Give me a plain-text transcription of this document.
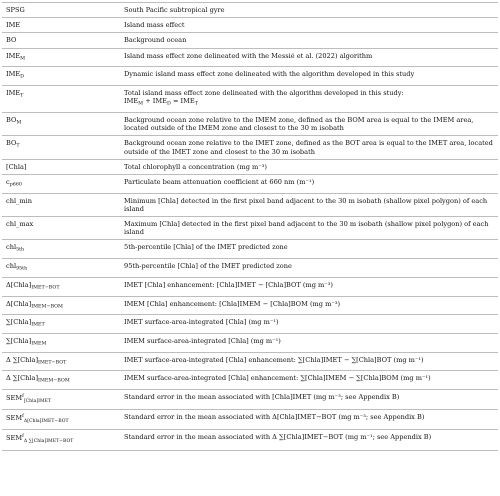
SPSG	South Pacific subtropical gyre
IME	Island mass effect
BO	Background ocean
$IME_M$	Island mass effect zone delineated with the Messié et al. (2022) algorithm
$IME_D$	Dynamic island mass effect zone delineated with the algorithm developed in this study
$IME_T$	Total island mass effect zone delineated with the algorithm developed in this study:
$IME_M + IME_D = IME_T$

$BO_M$	Background ocean zone relative to the IMEM zone, defined as the BOM area is equal to the IMEM area, located outside of the IMEM zone and closest to the 30 m isobath
$BO_T$	Background ocean zone relative to the IMET zone, defined as the BOT area is equal to the IMET area, located outside of the IMET zone and closest to the 30 m isobath
[Chla]	Total chlorophyll a concentration (mg m⁻³)
$c_{p660}$	Particulate beam attenuation coefficient at 660 nm (m⁻¹)
chl_min	Minimum [Chla] detected in the first pixel band adjacent to the 30 m isobath (shallow pixel polygon) of each island
chl_max	Maximum [Chla] detected in the first pixel band adjacent to the 30 m isobath (shallow pixel polygon) of each island
chl$_{5th}$	5th-percentile [Chla] of the IMET predicted zone
chl$_{95th}$	95th-percentile [Chla] of the IMET predicted zone
$\Delta[Chla]_{IMET-BOT}$	IMET [Chla] enhancement: [Chla]IMET − [Chla]BOT (mg m⁻³)
$\Delta[Chla]_{IMEM-BOM}$	IMEM [Chla] enhancement: [Chla]IMEM − [Chla]BOM (mg m⁻³)
$\sum[Chla]_{IMET}$	IMET surface-area-integrated [Chla] (mg m⁻¹)
$\sum[Chla]_{IMEM}$	IMEM surface-area-integrated [Chla] (mg m⁻¹)
Δ $\sum[Chla]_{IMET-BOT}$	IMET surface-area-integrated [Chla] enhancement: ∑[Chla]IMET − ∑[Chla]BOT (mg m⁻¹)
Δ $\sum[Chla]_{IMEM-BOM}$	IMEM surface-area-integrated [Chla] enhancement: ∑[Chla]IMEM − ∑[Chla]BOM (mg m⁻¹)
$SEM^f_{[Chla]IMET}$	Standard error in the mean associated with [Chla]IMET (mg m⁻³; see Appendix B)
$SEM^f_{\Delta[Chla]IMET-BOT}$	Standard error in the mean associated with Δ[Chla]IMET−BOT (mg m⁻³; see Appendix B)
$SEM^f_{\Delta \sum[Chla]IMET-BOT}$	Standard error in the mean associated with Δ ∑[Chla]IMET−BOT (mg m⁻¹; see Appendix B)
